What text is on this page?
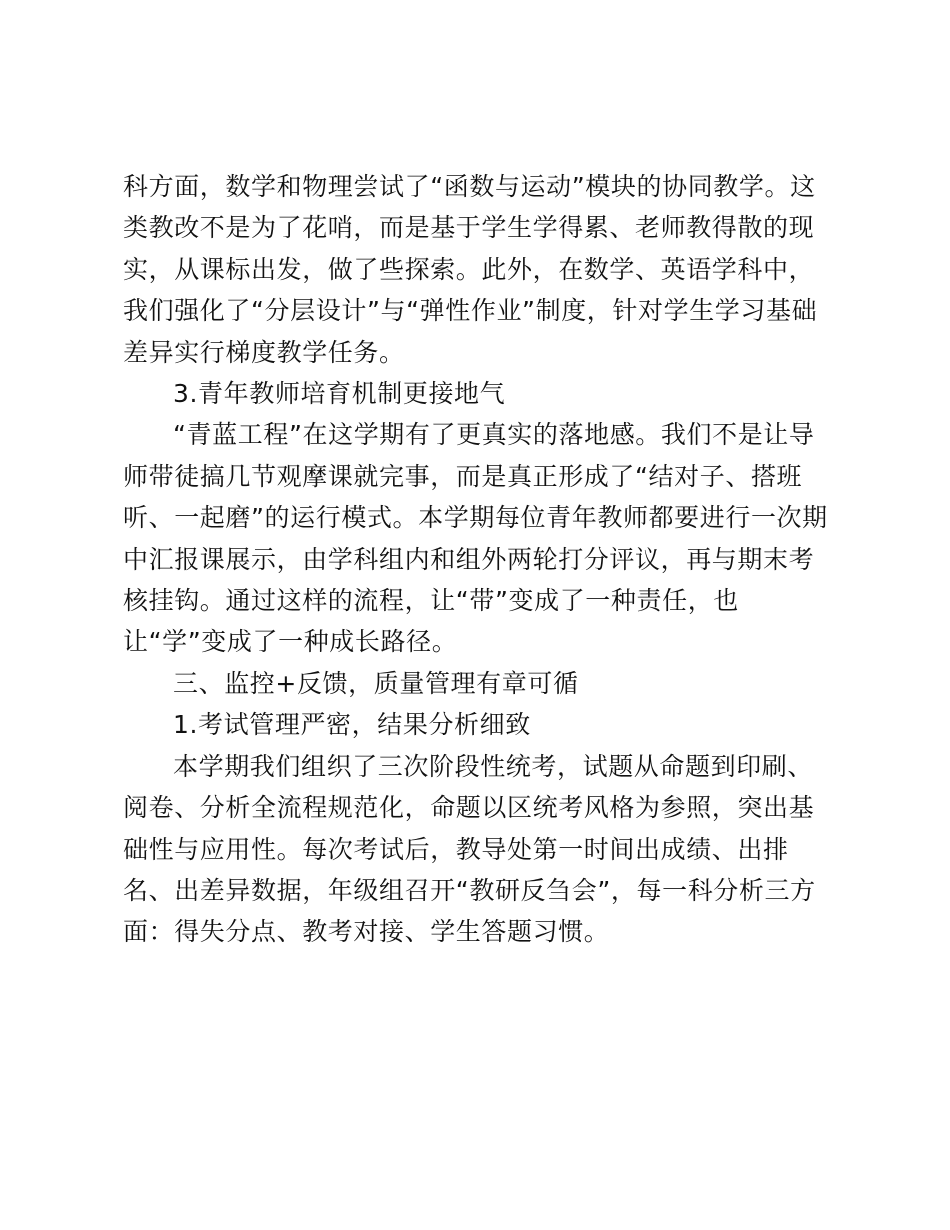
科方面，数学和物理尝试了“函数与运动”模块的协同教学。这类教改不是为了花哨，而是基于学生学得累、老师教得散的现实，从课标出发，做了些探索。此外，在数学、英语学科中，我们强化了“分层设计”与“弹性作业”制度，针对学生学习基础差异实行梯度教学任务。

3.青年教师培育机制更接地气

“青蓝工程”在这学期有了更真实的落地感。我们不是让导师带徒搞几节观摩课就完事，而是真正形成了“结对子、搭班听、一起磨”的运行模式。本学期每位青年教师都要进行一次期中汇报课展示，由学科组内和组外两轮打分评议，再与期末考核挂钩。通过这样的流程，让“带”变成了一种责任，也让“学”变成了一种成长路径。

三、监控+反馈，质量管理有章可循

1.考试管理严密，结果分析细致

本学期我们组织了三次阶段性统考，试题从命题到印刷、阅卷、分析全流程规范化，命题以区统考风格为参照，突出基础性与应用性。每次考试后，教导处第一时间出成绩、出排名、出差异数据，年级组召开“教研反刍会”，每一科分析三方面：得失分点、教考对接、学生答题习惯。
